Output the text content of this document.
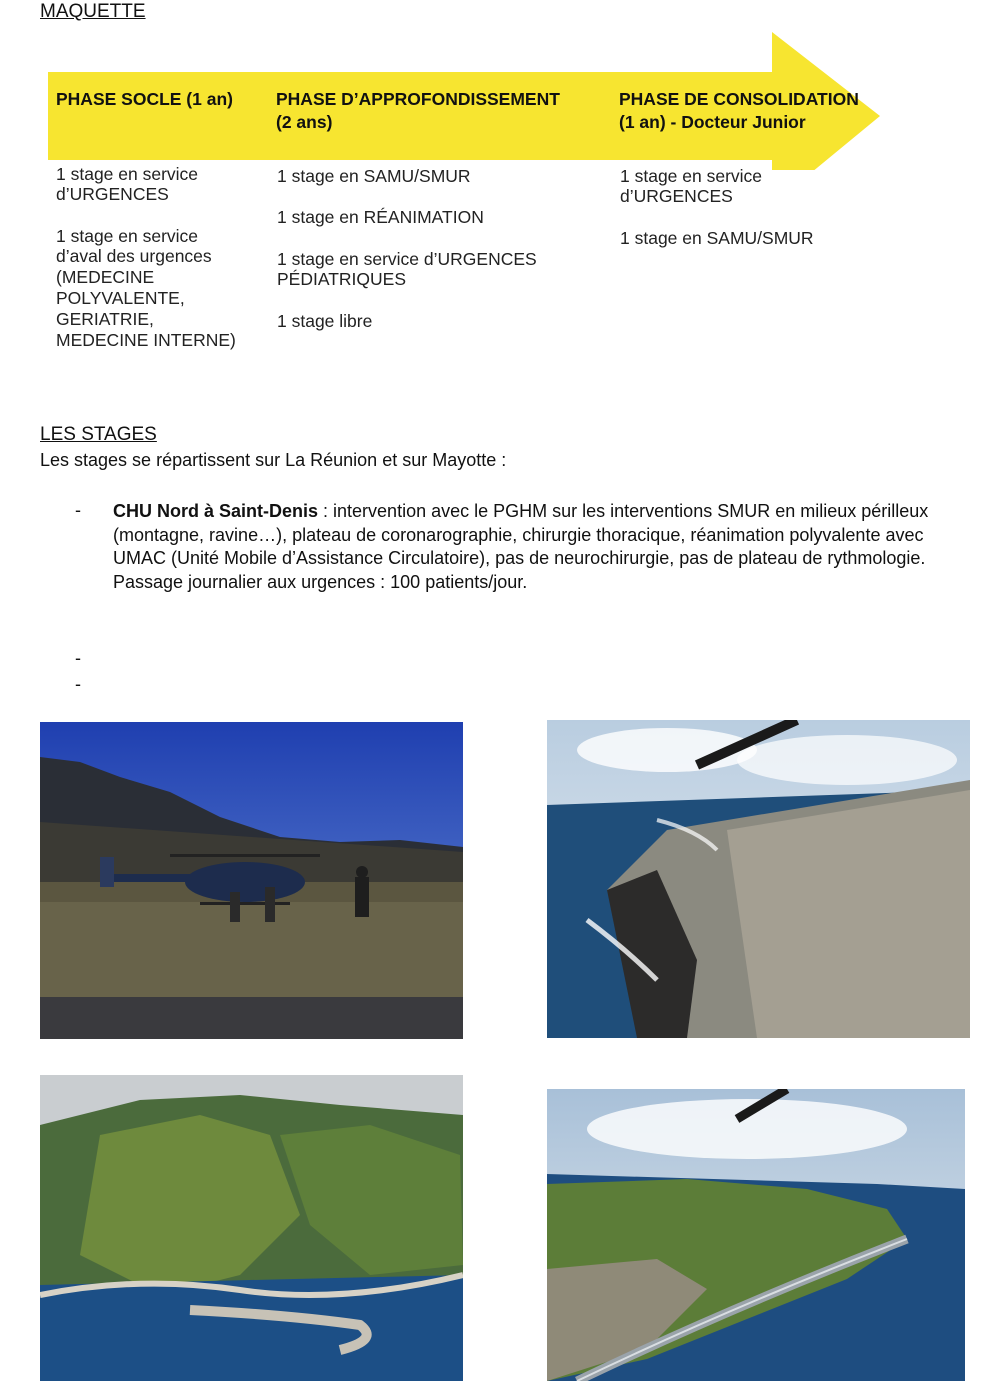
MAQUETTE
PHASE SOCLE (1 an)
1 stage en service
d’URGENCES
1 stage en service
d’aval des urgences
(MEDECINE
POLYVALENTE,
GERIATRIE,
MEDECINE INTERNE)
PHASE D’APPROFONDISSEMENT
(2 ans)
1 stage en SAMU/SMUR
1 stage en RÉANIMATION
1 stage en service d’URGENCES
PÉDIATRIQUES
1 stage libre
PHASE DE CONSOLIDATION
(1 an) - Docteur Junior
1 stage en service
d’URGENCES
1 stage en SAMU/SMUR
LES STAGES
Les stages se répartissent sur La Réunion et sur Mayotte :
- CHU Nord à Saint-Denis : intervention avec le PGHM sur les interventions SMUR en milieux périlleux (montagne, ravine…), plateau de coronarographie, chirurgie thoracique, réanimation polyvalente avec UMAC (Unité Mobile d’Assistance Circulatoire), pas de neurochirurgie, pas de plateau de rythmologie.
Passage journalier aux urgences : 100 patients/jour.
-
-
